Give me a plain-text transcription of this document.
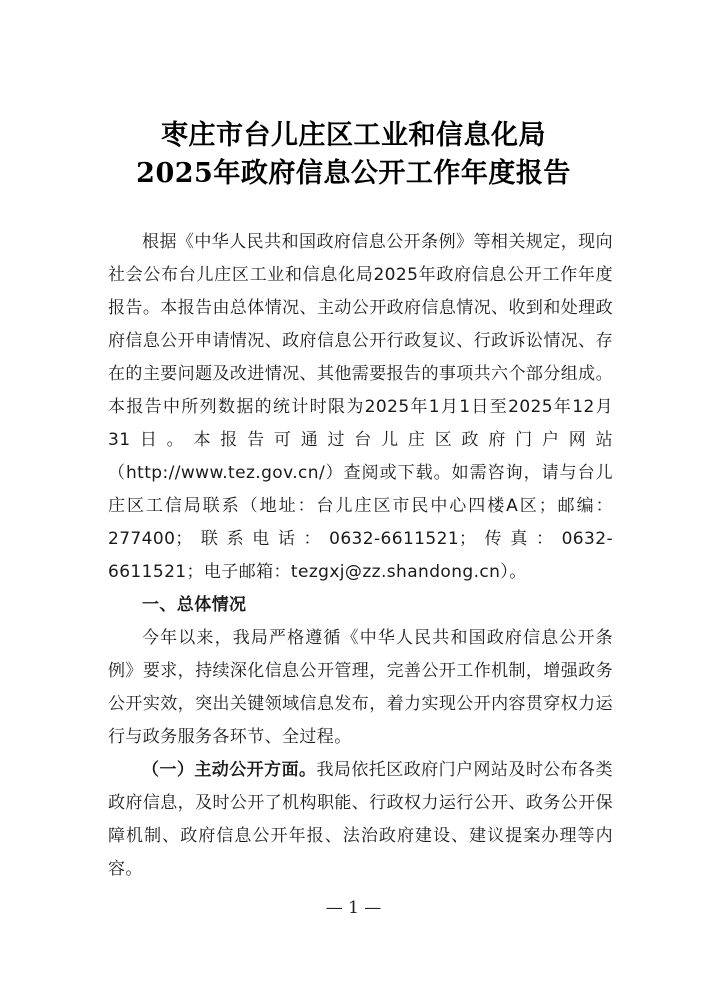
枣庄市台儿庄区工业和信息化局
2025年政府信息公开工作年度报告

根据《中华人民共和国政府信息公开条例》等相关规定，现向社会公布台儿庄区工业和信息化局2025年政府信息公开工作年度报告。本报告由总体情况、主动公开政府信息情况、收到和处理政府信息公开申请情况、政府信息公开行政复议、行政诉讼情况、存在的主要问题及改进情况、其他需要报告的事项共六个部分组成。本报告中所列数据的统计时限为2025年1月1日至2025年12月31日。本报告可通过台儿庄区政府门户网站（http://www.tez.gov.cn/）查阅或下载。如需咨询，请与台儿庄区工信局联系（地址：台儿庄区市民中心四楼A区；邮编：277400；联系电话：0632-6611521；传真：0632-6611521；电子邮箱：tezgxj@zz.shandong.cn）。

一、总体情况

今年以来，我局严格遵循《中华人民共和国政府信息公开条例》要求，持续深化信息公开管理，完善公开工作机制，增强政务公开实效，突出关键领域信息发布，着力实现公开内容贯穿权力运行与政务服务各环节、全过程。

（一）主动公开方面。我局依托区政府门户网站及时公布各类政府信息，及时公开了机构职能、行政权力运行公开、政务公开保障机制、政府信息公开年报、法治政府建设、建议提案办理等内容。

— 1 —
